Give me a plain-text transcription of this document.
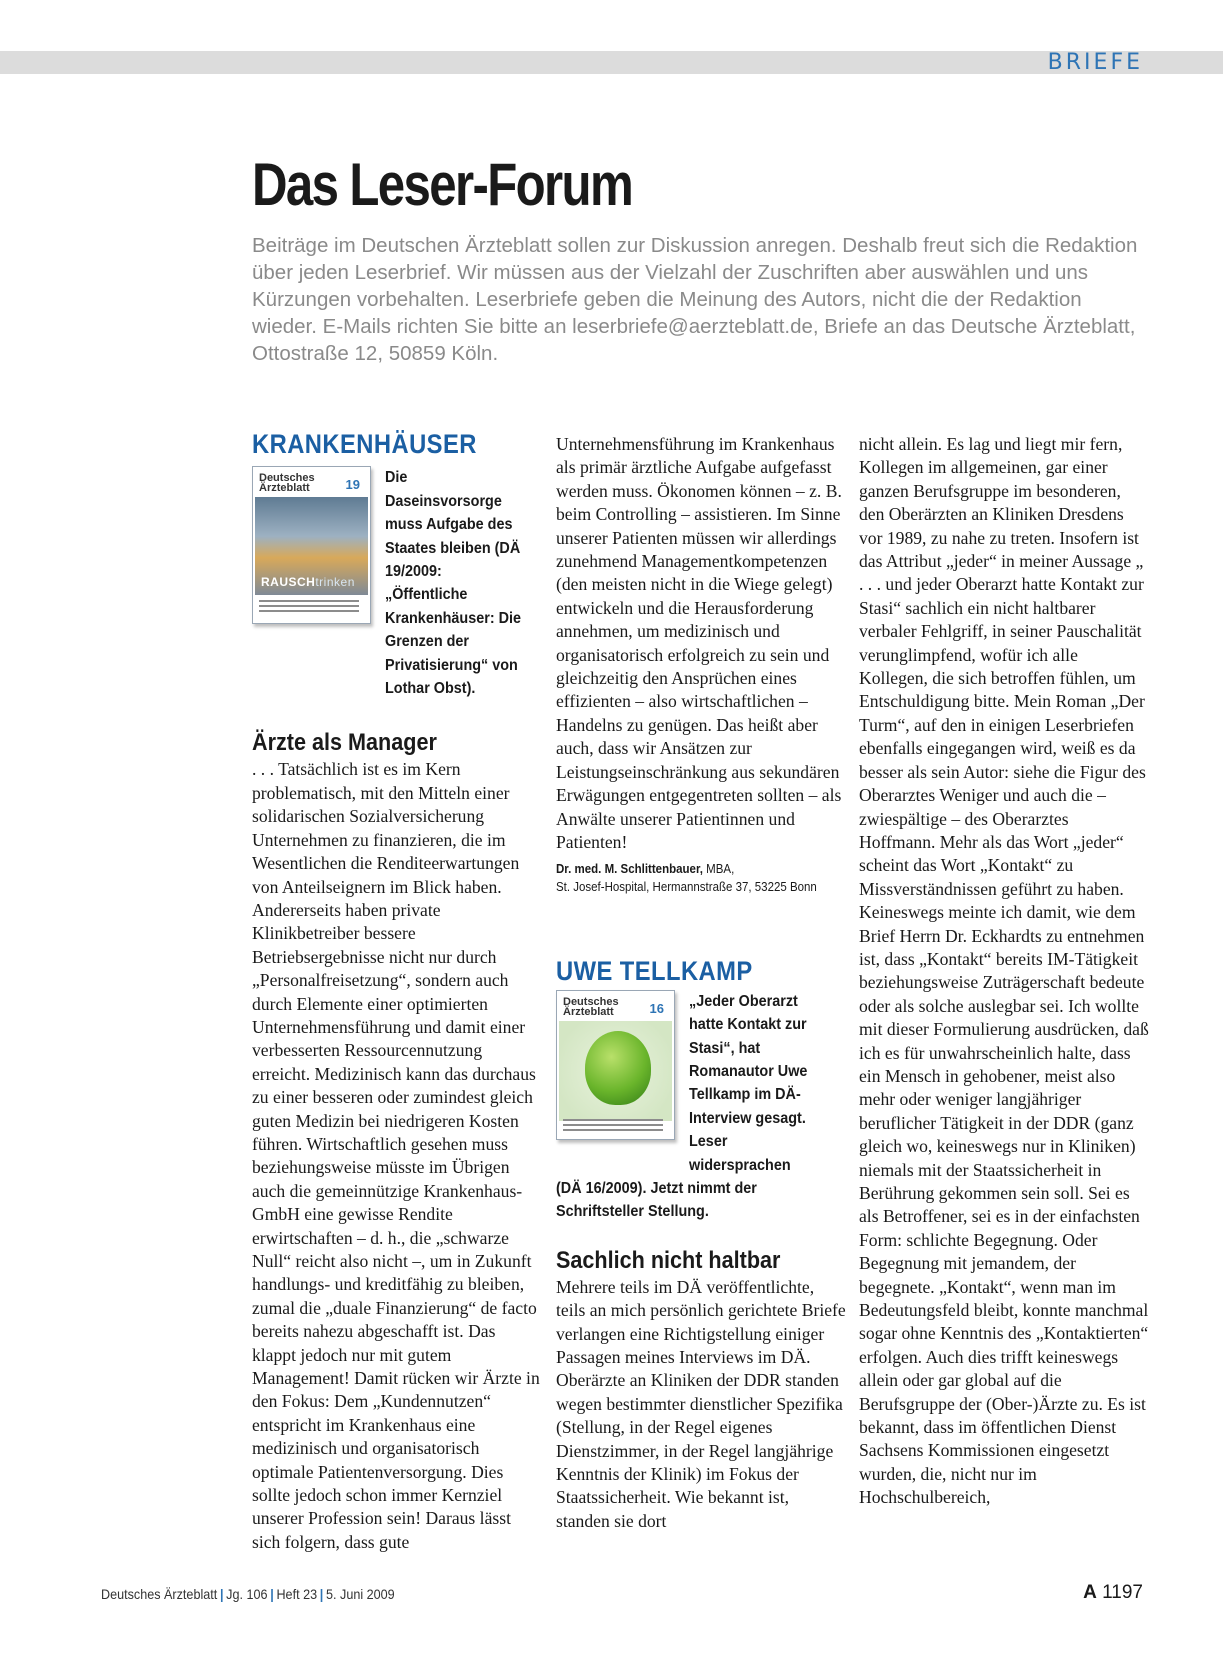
BRIEFE
Das Leser-Forum

Beiträge im Deutschen Ärzteblatt sollen zur Diskussion anregen. Deshalb freut sich die Redaktion über jeden Leserbrief. Wir müssen aus der Vielzahl der Zuschriften aber auswählen und uns Kürzungen vorbehalten. Leserbriefe geben die Meinung des Autors, nicht die der Redaktion wieder. E-Mails richten Sie bitte an leserbriefe@aerzteblatt.de, Briefe an das Deutsche Ärzteblatt, Ottostraße 12, 50859 Köln.

KRANKENHÄUSER
Deutsches Ärzteblatt	19
RAUSCHtrinken
Die Daseinsvorsorge muss Aufgabe des Staates bleiben (DÄ 19/2009: „Öffentliche Krankenhäuser: Die Grenzen der Privatisierung“ von Lothar Obst).
Ärzte als Manager

. . . Tatsächlich ist es im Kern problematisch, mit den Mitteln einer solidarischen Sozialversicherung Unternehmen zu finanzieren, die im Wesentlichen die Renditeerwartungen von Anteilseignern im Blick haben. Andererseits haben private Klinikbetreiber bessere Betriebsergebnisse nicht nur durch „Personalfreisetzung“, sondern auch durch Elemente einer optimierten Unternehmensführung und damit einer verbesserten Ressourcennutzung erreicht. Medizinisch kann das durchaus zu einer besseren oder zumindest gleich guten Medizin bei niedrigeren Kosten führen. Wirtschaftlich gesehen muss beziehungsweise müsste im Übrigen auch die gemeinnützige Krankenhaus-GmbH eine gewisse Rendite erwirtschaften – d. h., die „schwarze Null“ reicht also nicht –, um in Zukunft handlungs- und kreditfähig zu bleiben, zumal die „duale Finanzierung“ de facto bereits nahezu abgeschafft ist. Das klappt jedoch nur mit gutem Management! Damit rücken wir Ärzte in den Fokus: Dem „Kundennutzen“ entspricht im Krankenhaus eine medizinisch und organisatorisch optimale Patientenversorgung. Dies sollte jedoch schon immer Kernziel unserer Profession sein! Daraus lässt sich folgern, dass gute

Unternehmensführung im Krankenhaus als primär ärztliche Aufgabe aufgefasst werden muss. Ökonomen können – z. B. beim Controlling – assistieren. Im Sinne unserer Patienten müssen wir allerdings zunehmend Managementkompetenzen (den meisten nicht in die Wiege gelegt) entwickeln und die Herausforderung annehmen, um medizinisch und organisatorisch erfolgreich zu sein und gleichzeitig den Ansprüchen eines effizienten – also wirtschaftlichen – Handelns zu genügen. Das heißt aber auch, dass wir Ansätzen zur Leistungseinschränkung aus sekundären Erwägungen entgegentreten sollten – als Anwälte unserer Patientinnen und Patienten!

Dr. med. M. Schlittenbauer, MBA,
St. Josef-Hospital, Hermannstraße 37, 53225 Bonn
UWE TELLKAMP
Deutsches Ärzteblatt	16 „Jeder Oberarzt hatte Kontakt zur Stasi“, hat Romanautor Uwe Tellkamp im DÄ-Interview gesagt. Leser widersprachen

(DÄ 16/2009). Jetzt nimmt der Schriftsteller Stellung.

Sachlich nicht haltbar

Mehrere teils im DÄ veröffentlichte, teils an mich persönlich gerichtete Briefe verlangen eine Richtigstellung einiger Passagen meines Interviews im DÄ. Oberärzte an Kliniken der DDR standen wegen bestimmter dienstlicher Spezifika (Stellung, in der Regel eigenes Dienstzimmer, in der Regel langjährige Kenntnis der Klinik) im Fokus der Staatssicherheit. Wie bekannt ist, standen sie dort

nicht allein. Es lag und liegt mir fern, Kollegen im allgemeinen, gar einer ganzen Berufsgruppe im besonderen, den Oberärzten an Kliniken Dresdens vor 1989, zu nahe zu treten. Insofern ist das Attribut „jeder“ in meiner Aussage „ . . . und jeder Oberarzt hatte Kontakt zur Stasi“ sachlich ein nicht haltbarer verbaler Fehlgriff, in seiner Pauschalität verunglimpfend, wofür ich alle Kollegen, die sich betroffen fühlen, um Entschuldigung bitte. Mein Roman „Der Turm“, auf den in einigen Leserbriefen ebenfalls eingegangen wird, weiß es da besser als sein Autor: siehe die Figur des Oberarztes Weniger und auch die – zwiespältige – des Oberarztes Hoffmann. Mehr als das Wort „jeder“ scheint das Wort „Kontakt“ zu Missverständnissen geführt zu haben. Keineswegs meinte ich damit, wie dem Brief Herrn Dr. Eckhardts zu entnehmen ist, dass „Kontakt“ bereits IM-Tätigkeit beziehungsweise Zuträgerschaft bedeute oder als solche auslegbar sei. Ich wollte mit dieser Formulierung ausdrücken, daß ich es für unwahrscheinlich halte, dass ein Mensch in gehobener, meist also mehr oder weniger langjähriger beruflicher Tätigkeit in der DDR (ganz gleich wo, keineswegs nur in Kliniken) niemals mit der Staatssicherheit in Berührung gekommen sein soll. Sei es als Betroffener, sei es in der einfachsten Form: schlichte Begegnung. Oder Begegnung mit jemandem, der begegnete. „Kontakt“, wenn man im Bedeutungsfeld bleibt, konnte manchmal sogar ohne Kenntnis des „Kontaktierten“ erfolgen. Auch dies trifft keineswegs allein oder gar global auf die Berufsgruppe der (Ober-)Ärzte zu. Es ist bekannt, dass im öffentlichen Dienst Sachsens Kommissionen eingesetzt wurden, die, nicht nur im Hochschulbereich,

Deutsches Ärzteblatt | Jg. 106 | Heft 23 | 5. Juni 2009	A 1197
